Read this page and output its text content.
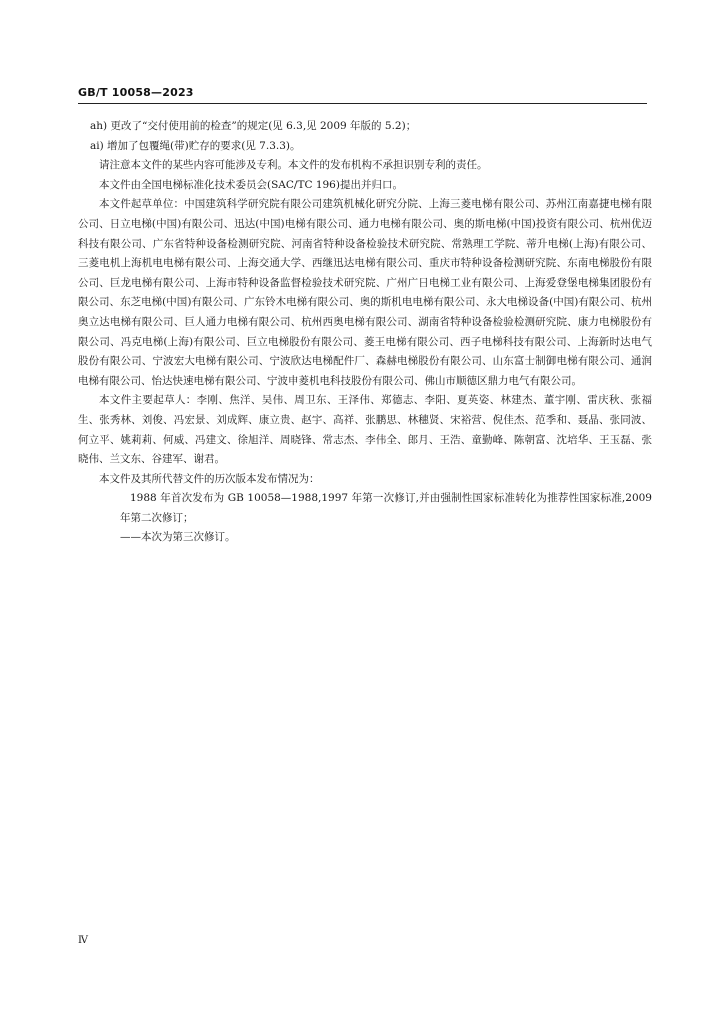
GB/T 10058—2023

ah) 更改了“交付使用前的检查”的规定(见 6.3,见 2009 年版的 5.2)；

ai) 增加了包覆绳(带)贮存的要求(见 7.3.3)。

请注意本文件的某些内容可能涉及专利。本文件的发布机构不承担识别专利的责任。

本文件由全国电梯标准化技术委员会(SAC/TC 196)提出并归口。

本文件起草单位：中国建筑科学研究院有限公司建筑机械化研究分院、上海三菱电梯有限公司、苏州江南嘉捷电梯有限公司、日立电梯(中国)有限公司、迅达(中国)电梯有限公司、通力电梯有限公司、奥的斯电梯(中国)投资有限公司、杭州优迈科技有限公司、广东省特种设备检测研究院、河南省特种设备检验技术研究院、常熟理工学院、蒂升电梯(上海)有限公司、三菱电机上海机电电梯有限公司、上海交通大学、西继迅达电梯有限公司、重庆市特种设备检测研究院、东南电梯股份有限公司、巨龙电梯有限公司、上海市特种设备监督检验技术研究院、广州广日电梯工业有限公司、上海爱登堡电梯集团股份有限公司、东芝电梯(中国)有限公司、广东铃木电梯有限公司、奥的斯机电电梯有限公司、永大电梯设备(中国)有限公司、杭州奥立达电梯有限公司、巨人通力电梯有限公司、杭州西奥电梯有限公司、湖南省特种设备检验检测研究院、康力电梯股份有限公司、冯克电梯(上海)有限公司、巨立电梯股份有限公司、菱王电梯有限公司、西子电梯科技有限公司、上海新时达电气股份有限公司、宁波宏大电梯有限公司、宁波欣达电梯配件厂、森赫电梯股份有限公司、山东富士制御电梯有限公司、通润电梯有限公司、怡达快速电梯有限公司、宁波申菱机电科技股份有限公司、佛山市顺德区鼎力电气有限公司。

本文件主要起草人：李刚、焦洋、吴伟、周卫东、王泽伟、郑德志、李阳、夏英姿、林建杰、董宇刚、雷庆秋、张福生、张秀林、刘俊、冯宏景、刘成辉、康立贵、赵宇、高祥、张鹏思、林穗贤、宋裕营、倪佳杰、范季和、聂晶、张同波、何立平、姚莉莉、何威、冯建文、徐旭洋、周晓锋、常志杰、李伟全、郎月、王浩、童勤峰、陈朝富、沈培华、王玉磊、张晓伟、兰文东、谷建军、谢君。

本文件及其所代替文件的历次版本发布情况为：

1988 年首次发布为 GB 10058—1988,1997 年第一次修订,并由强制性国家标准转化为推荐性国家标准,2009 年第二次修订；

——本次为第三次修订。

Ⅳ
